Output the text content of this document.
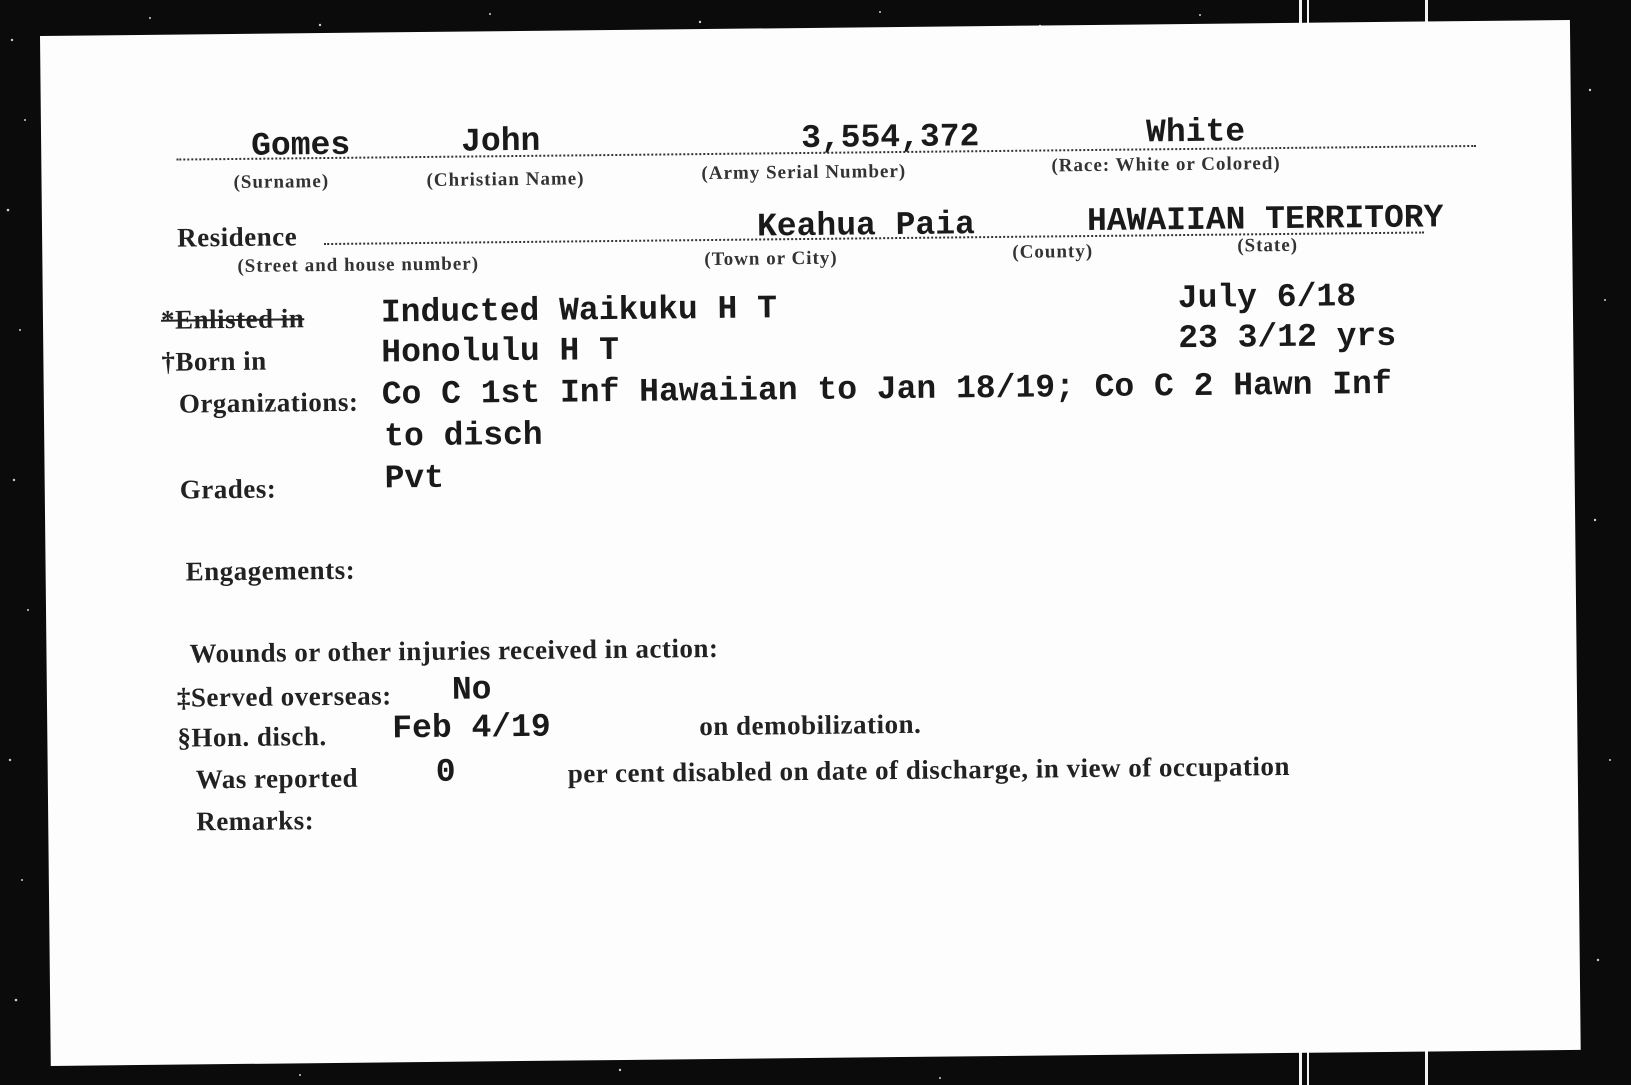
Gomes	John	3,554,372	White
(Surname)	(Christian Name)	(Army Serial Number)	(Race: White or Colored)
Residence	Keahua Paia	HAWAIIAN TERRITORY
(Street and house number)	(Town or City)	(County)	(State)
*Enlisted in Inducted Waikuku H T	July 6/18
†Born in	Honolulu H T	23 3/12 yrs
Organizations: Co C 1st Inf Hawaiian to Jan 18/19; Co C 2 Hawn Inf
to disch
Grades:	Pvt
Engagements:
Wounds or other injuries received in action:
‡Served overseas: No
§Hon. disch. Feb 4/19	on demobilization.
Was reported 0	per cent disabled on date of discharge, in view of occupation
Remarks:
